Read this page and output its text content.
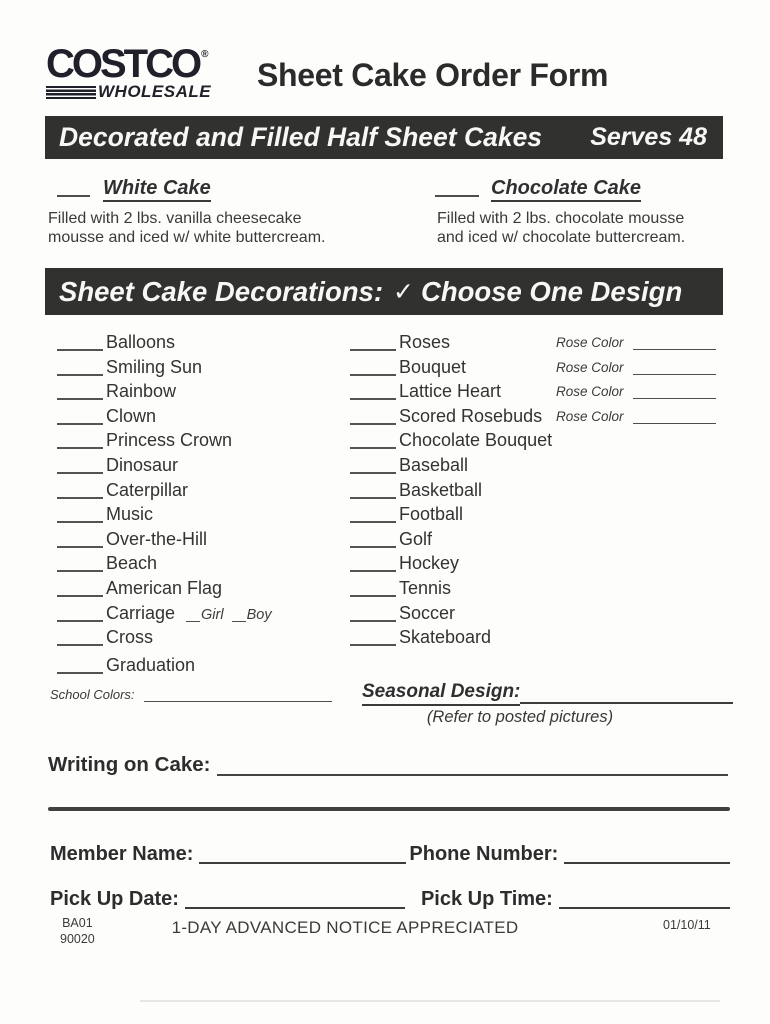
COSTCO ®
WHOLESALE Sheet Cake Order Form
Decorated and Filled Half Sheet Cakes Serves 48
White Cake
Filled with 2 lbs. vanilla cheesecake
mousse and iced w/ white buttercream.
Chocolate Cake
Filled with 2 lbs. chocolate mousse
and iced w/ chocolate buttercream.
Sheet Cake Decorations: ✓ Choose One Design
Balloons
Smiling Sun
Rainbow
Clown
Princess Crown
Dinosaur
Caterpillar
Music
Over-the-Hill
Beach
American Flag
Carriage Girl Boy
Cross
Graduation
Roses	Rose Color
Bouquet	Rose Color
Lattice Heart	Rose Color
Scored Rosebuds Rose Color
Chocolate Bouquet
Baseball
Basketball
Football
Golf
Hockey
Tennis
Soccer
Skateboard
School Colors:	Seasonal Design:
(Refer to posted pictures)
Writing on Cake:
Member Name:	Phone Number:
Pick Up Date:	Pick Up Time:
BA01
90020
1-DAY ADVANCED NOTICE APPRECIATED	01/10/11
